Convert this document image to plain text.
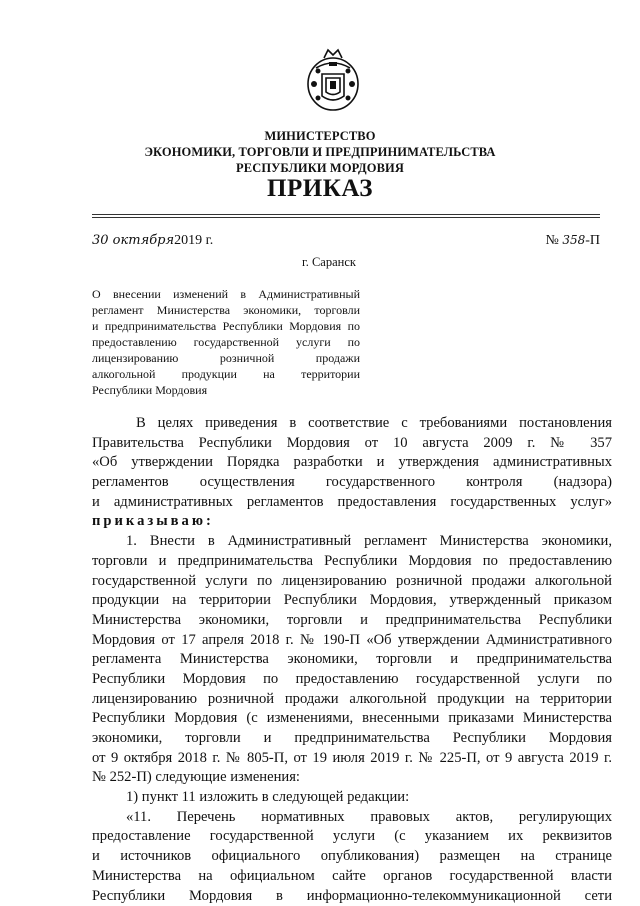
МИНИСТЕРСТВО
ЭКОНОМИКИ, ТОРГОВЛИ И ПРЕДПРИНИМАТЕЛЬСТВА
РЕСПУБЛИКИ МОРДОВИЯ
ПРИКАЗ
30 октября2019 г.	№ 358-П
г. Саранск
О внесении изменений в Административный
регламент Министерства экономики, торговли
и предпринимательства Республики Мордовия по
предоставлению государственной услуги по
лицензированию розничной продажи
алкогольной продукции на территории
Республики Мордовия
В целях приведения в соответствие с требованиями постановления
Правительства Республики Мордовия от 10 августа 2009 г. № 357
«Об утверждении Порядка разработки и утверждения административных
регламентов осуществления государственного контроля (надзора)
и административных регламентов предоставления государственных услуг»
приказываю:
1. Внести в Административный регламент Министерства экономики,
торговли и предпринимательства Республики Мордовия по предоставлению
государственной услуги по лицензированию розничной продажи алкогольной
продукции на территории Республики Мордовия, утвержденный приказом
Министерства экономики, торговли и предпринимательства Республики
Мордовия от 17 апреля 2018 г. № 190-П «Об утверждении Административного
регламента Министерства экономики, торговли и предпринимательства
Республики Мордовия по предоставлению государственной услуги по
лицензированию розничной продажи алкогольной продукции на территории
Республики Мордовия (с изменениями, внесенными приказами Министерства
экономики, торговли и предпринимательства Республики Мордовия
от 9 октября 2018 г. № 805-П, от 19 июля 2019 г. № 225-П, от 9 августа 2019 г.
№ 252-П) следующие изменения:
1) пункт 11 изложить в следующей редакции:
«11. Перечень нормативных правовых актов, регулирующих
предоставление государственной услуги (с указанием их реквизитов
и источников официального опубликования) размещен на странице
Министерства на официальном сайте органов государственной власти
Республики Мордовия в информационно-телекоммуникационной сети
